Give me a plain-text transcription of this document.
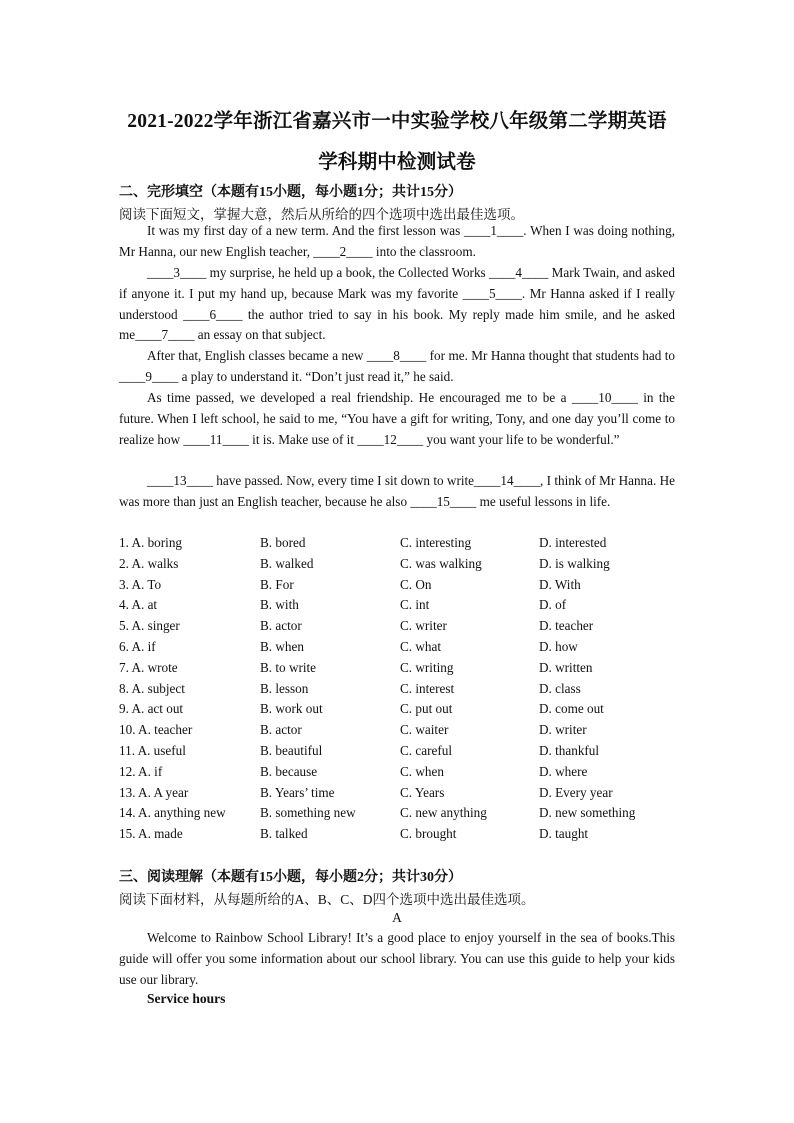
2021-2022学年浙江省嘉兴市一中实验学校八年级第二学期英语
学科期中检测试卷
二、完形填空（本题有15小题，每小题1分；共计15分）
阅读下面短文，掌握大意，然后从所给的四个选项中选出最佳选项。

It was my first day of a new term. And the first lesson was ____1____. When I was doing nothing, Mr Hanna, our new English teacher, ____2____ into the classroom.

____3____ my surprise, he held up a book, the Collected Works ____4____ Mark Twain, and asked if anyone it. I put my hand up, because Mark was my favorite ____5____. Mr Hanna asked if I really understood ____6____ the author tried to say in his book. My reply made him smile, and he asked me____7____ an essay on that subject.

After that, English classes became a new ____8____ for me. Mr Hanna thought that students had to ____9____ a play to understand it. “Don’t just read it,” he said.

As time passed, we developed a real friendship. He encouraged me to be a ____10____ in the future. When I left school, he said to me, “You have a gift for writing, Tony, and one day you’ll come to realize how ____11____ it is. Make use of it ____12____ you want your life to be wonderful.”

____13____ have passed. Now, every time I sit down to write____14____, I think of Mr Hanna. He was more than just an English teacher, because he also ____15____ me useful lessons in life.

1. A. boring	B. bored	C. interesting	D. interested
2. A. walks	B. walked	C. was walking	D. is walking
3. A. To	B. For	C. On	D. With
4. A. at	B. with	C. int	D. of
5. A. singer	B. actor	C. writer	D. teacher
6. A. if	B. when	C. what	D. how
7. A. wrote	B. to write	C. writing	D. written
8. A. subject	B. lesson	C. interest	D. class
9. A. act out	B. work out	C. put out	D. come out
10. A. teacher	B. actor	C. waiter	D. writer
11. A. useful	B. beautiful	C. careful	D. thankful
12. A. if	B. because	C. when	D. where
13. A. A year	B. Years’ time	C. Years	D. Every year
14. A. anything new	B. something new	C. new anything	D. new something
15. A. made	B. talked	C. brought	D. taught
三、阅读理解（本题有15小题，每小题2分；共计30分）
阅读下面材料，从每题所给的A、B、C、D四个选项中选出最佳选项。
A

Welcome to Rainbow School Library! It’s a good place to enjoy yourself in the sea of books.This guide will offer you some information about our school library. You can use this guide to help your kids use our library.

Service hours
